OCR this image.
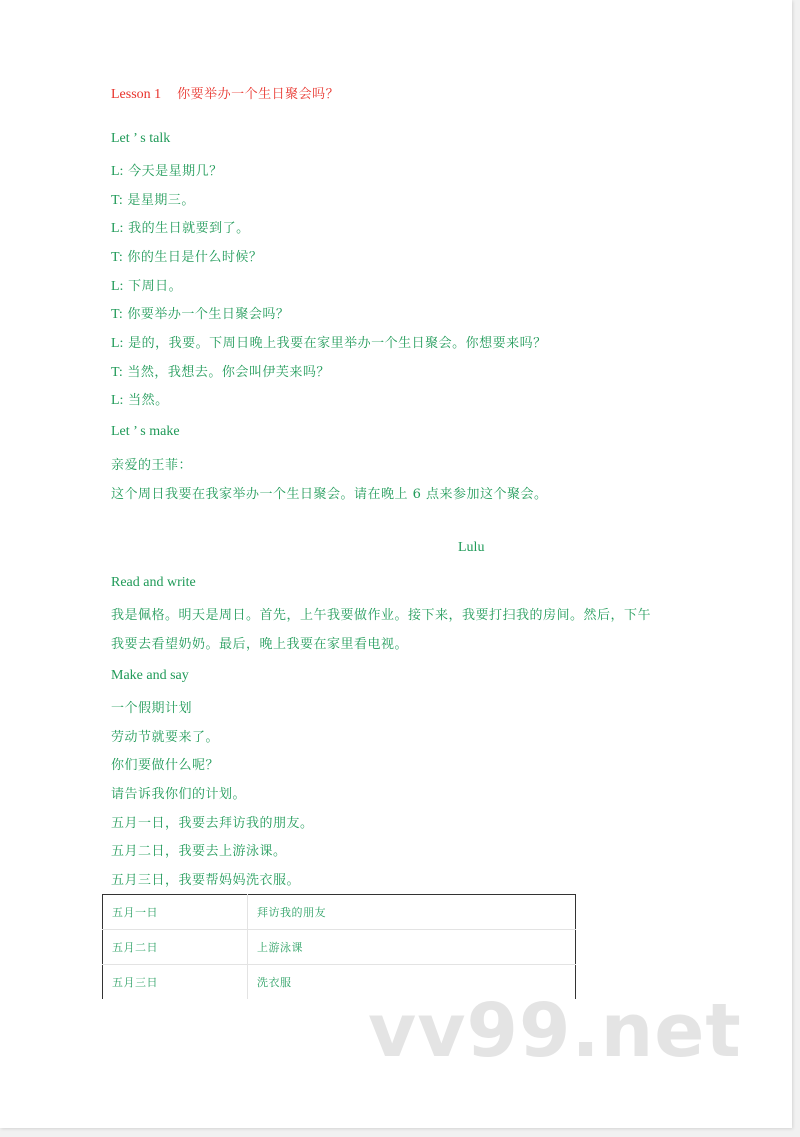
Lesson 1 你要举办一个生日聚会吗？

Let ’ s talk

L: 今天是星期几？

T: 是星期三。

L: 我的生日就要到了。

T: 你的生日是什么时候？

L: 下周日。

T: 你要举办一个生日聚会吗？

L: 是的，我要。下周日晚上我要在家里举办一个生日聚会。你想要来吗？

T: 当然，我想去。你会叫伊芙来吗？

L: 当然。

Let ’ s make

亲爱的王菲：

这个周日我要在我家举办一个生日聚会。请在晚上 6 点来参加这个聚会。

Lulu

Read and write

我是佩格。明天是周日。首先，上午我要做作业。接下来，我要打扫我的房间。然后，下午

我要去看望奶奶。最后，晚上我要在家里看电视。

Make and say

一个假期计划

劳动节就要来了。

你们要做什么呢？

请告诉我你们的计划。

五月一日，我要去拜访我的朋友。

五月二日，我要去上游泳课。

五月三日，我要帮妈妈洗衣服。

五月一日	拜访我的朋友
五月二日	上游泳课
五月三日	洗衣服
vv99.net
